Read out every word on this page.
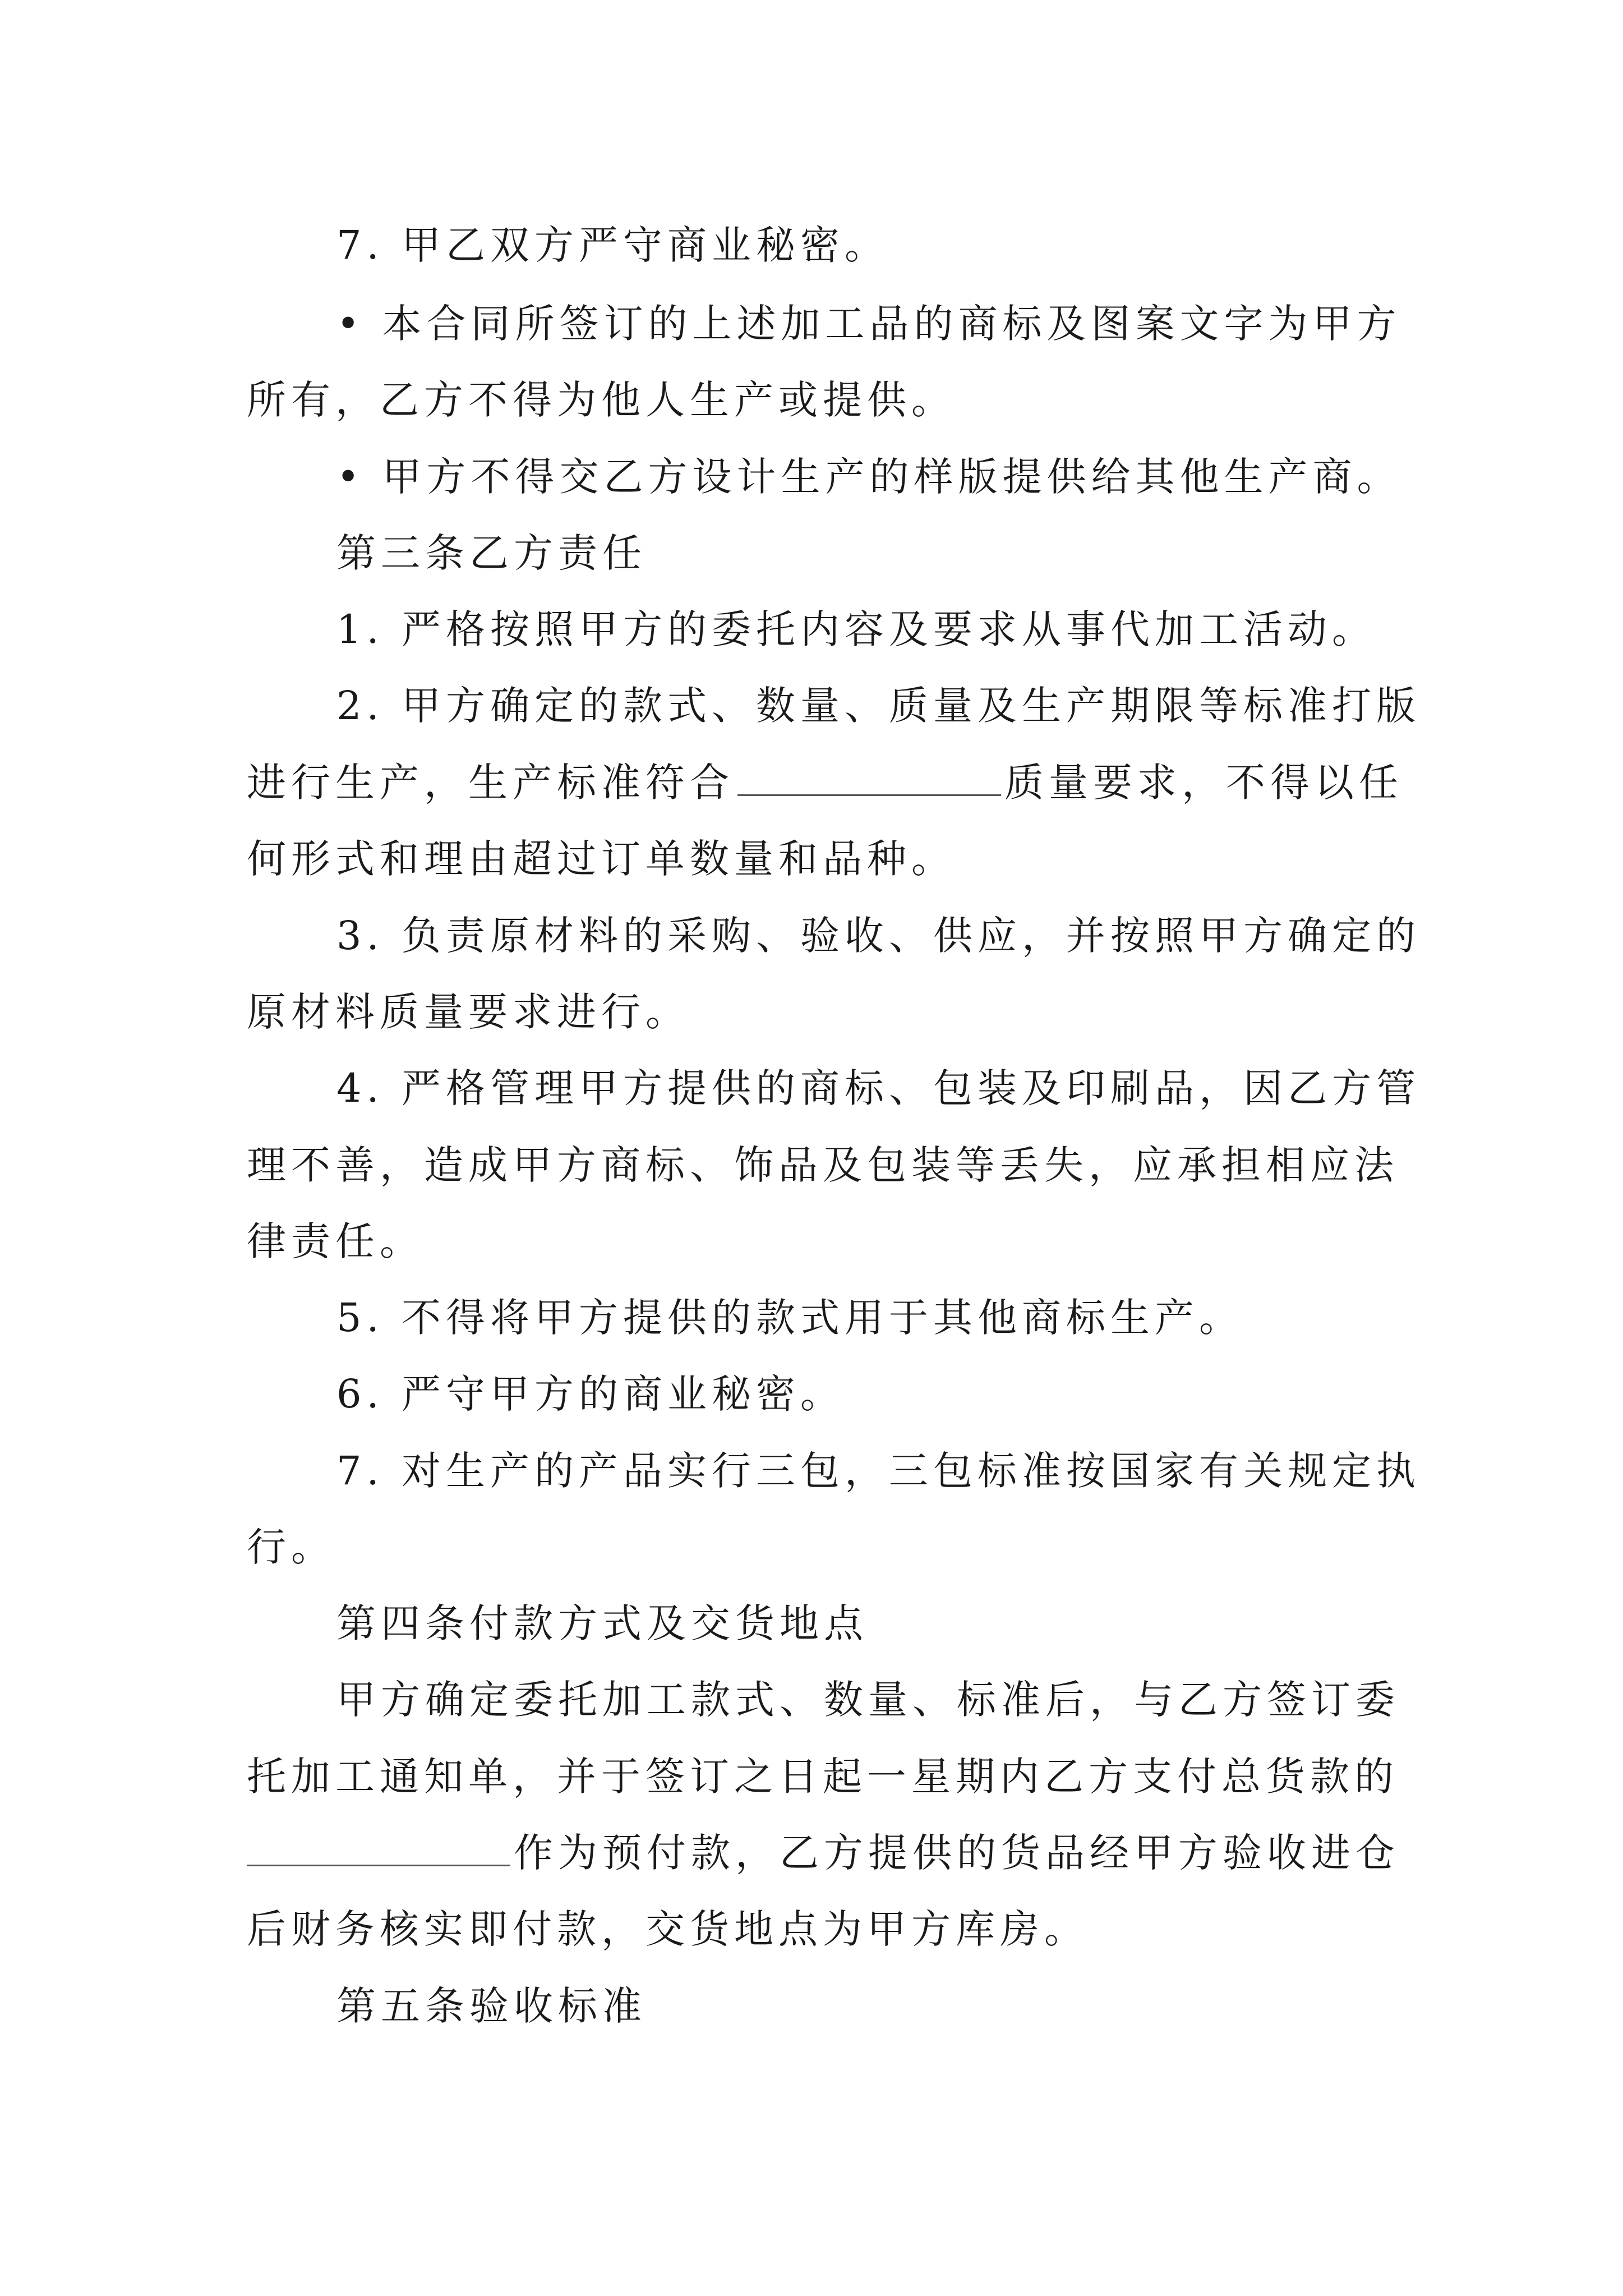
7. 甲乙双方严守商业秘密。
• 本合同所签订的上述加工品的商标及图案文字为甲方
所有，乙方不得为他人生产或提供。
• 甲方不得交乙方设计生产的样版提供给其他生产商。
第三条乙方责任
1. 严格按照甲方的委托内容及要求从事代加工活动。
2. 甲方确定的款式、数量、质量及生产期限等标准打版
进行生产，生产标准符合	质量要求，不得以任
何形式和理由超过订单数量和品种。
3. 负责原材料的采购、验收、供应，并按照甲方确定的
原材料质量要求进行。
4. 严格管理甲方提供的商标、包装及印刷品，因乙方管
理不善，造成甲方商标、饰品及包装等丢失，应承担相应法
律责任。
5. 不得将甲方提供的款式用于其他商标生产。
6. 严守甲方的商业秘密。
7. 对生产的产品实行三包，三包标准按国家有关规定执
行。
第四条付款方式及交货地点
甲方确定委托加工款式、数量、标准后，与乙方签订委
托加工通知单，并于签订之日起一星期内乙方支付总货款的
作为预付款，乙方提供的货品经甲方验收进仓
后财务核实即付款，交货地点为甲方库房。
第五条验收标准
